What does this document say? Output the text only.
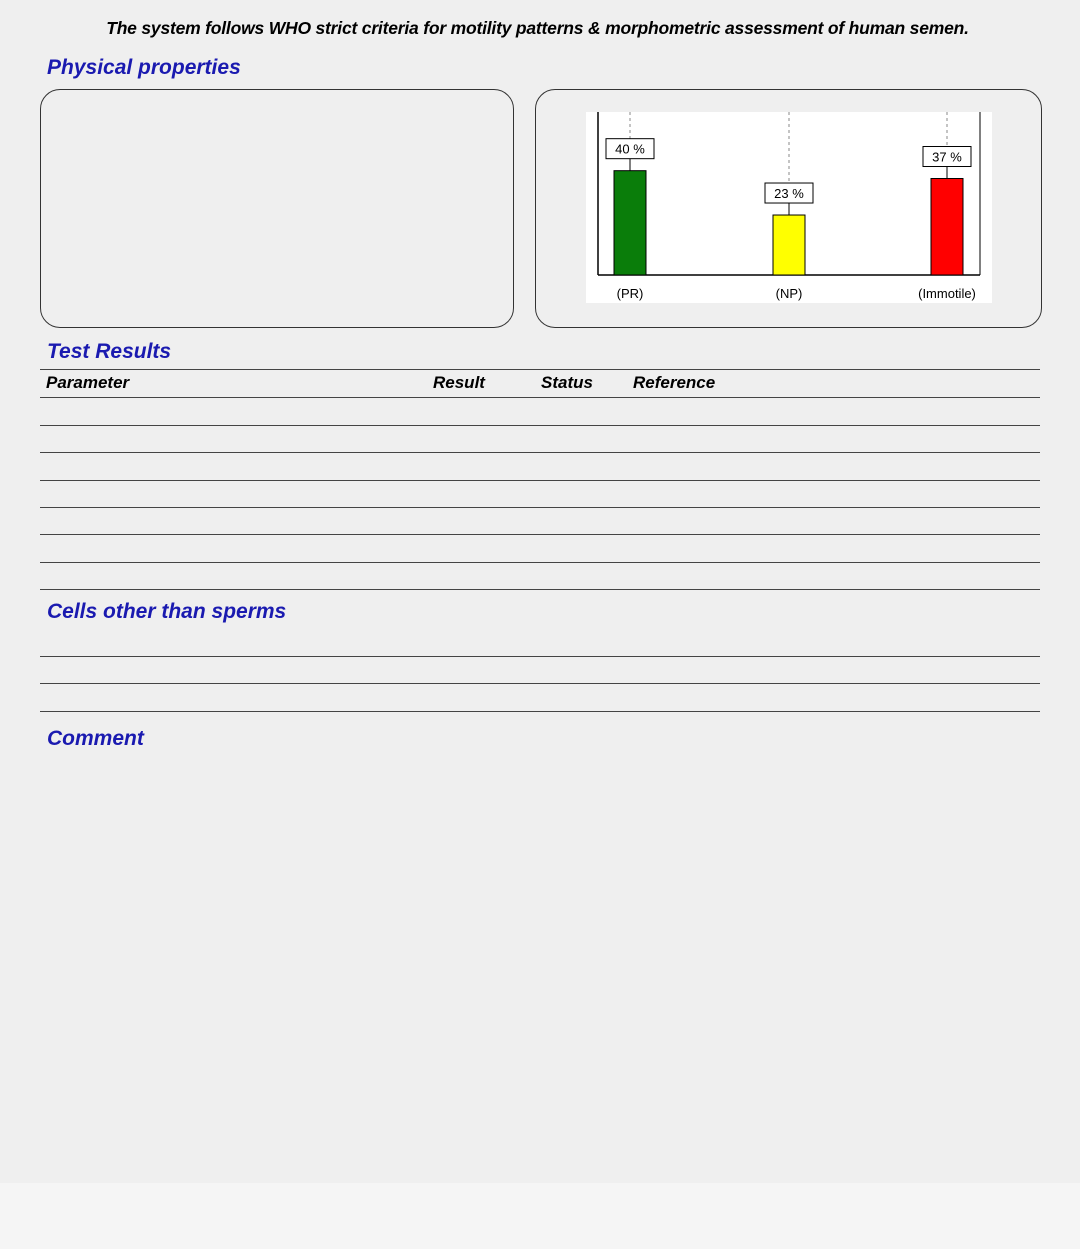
The system follows WHO strict criteria for motility patterns & morphometric assessment of human semen.
Physical properties
40 %
(PR)
23 %
(NP)
37 %
(Immotile)
Test Results
Parameter	Result	Status Reference
Cells other than sperms
Comment
